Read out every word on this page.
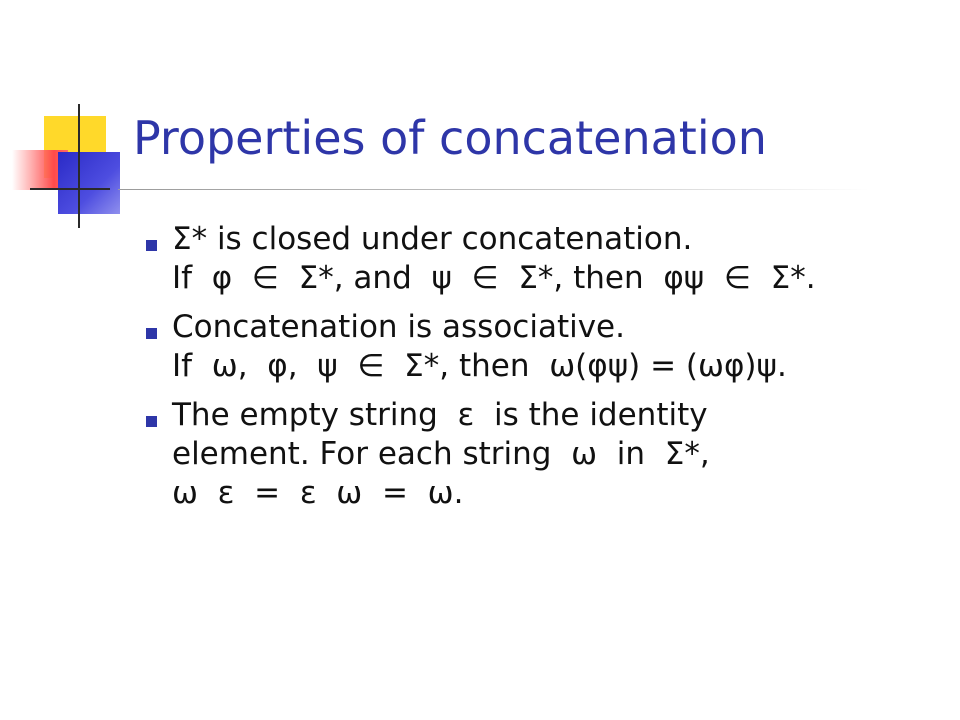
Properties of concatenation
Σ* is closed under concatenation.
If  φ  ∈  Σ*, and  ψ  ∈  Σ*, then  φψ  ∈  Σ*.
Concatenation is associative.
If  ω,  φ,  ψ  ∈  Σ*, then  ω(φψ) = (ωφ)ψ.
The empty string  ε  is the identity
element. For each string  ω  in  Σ*,
ω  ε  =  ε  ω  =  ω.
